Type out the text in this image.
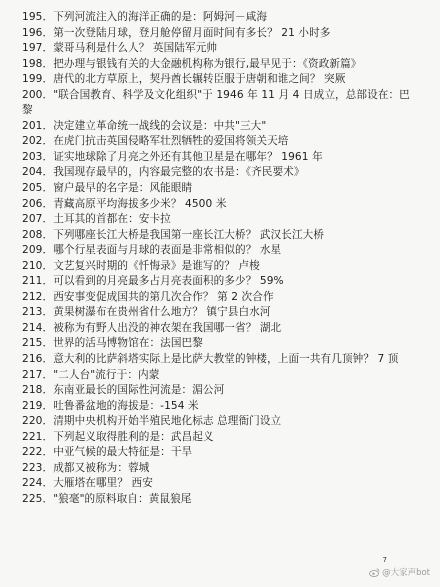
195．下列河流注入的海洋正确的是：阿姆河－咸海
196．第一次登陆月球，登月舱停留月面时间有多长？ 21 小时多
197．蒙哥马利是什么人？ 英国陆军元帅
198．把办理与银钱有关的大金融机构称为银行,最早见于：《资政新篇》
199．唐代的北方草原上，契丹酋长辗转臣服于唐朝和谁之间？ 突厥
200．"联合国教育、科学及文化组织"于 1946 年 11 月 4 日成立，总部设在：巴黎
201．决定建立革命统一战线的会议是：中共"三大"
202．在虎门抗击英国侵略军壮烈牺牲的爱国将领关天培
203．证实地球除了月亮之外还有其他卫星是在哪年？ 1961 年
204．我国现存最早的，内容最完整的农书是：《齐民要术》
205．窗户最早的名字是：风能眼睛
206．青藏高原平均海拔多少米？ 4500 米
207．土耳其的首都在：安卡拉
208．下列哪座长江大桥是我国第一座长江大桥？ 武汉长江大桥
209．哪个行星表面与月球的表面是非常相似的？ 水星
210．文艺复兴时期的《忏悔录》是谁写的？ 卢梭
211．可以看到的月亮最多占月亮表面积的多少？ 59%
212．西安事变促成国共的第几次合作？ 第 2 次合作
213．黄果树瀑布在贵州省什么地方？ 镇宁县白水河
214．被称为有野人出没的神农架在我国哪一省？ 湖北
215．世界的活马博物馆在：法国巴黎
216．意大利的比萨斜塔实际上是比萨大教堂的钟楼，上面一共有几顶钟？ 7 顶
217．"二人台"流行于：内蒙
218．东南亚最长的国际性河流是：湄公河
219．吐鲁番盆地的海拔是：-154 米
220．清期中央机构开始半殖民地化标志 总理衙门设立
221．下列起义取得胜利的是：武昌起义
222．中亚气候的最大特征是：干旱
223．成都又被称为：蓉城
224．大雁塔在哪里？ 西安
225．"狼毫"的原料取自：黄鼠狼尾
7
@大家声bot
